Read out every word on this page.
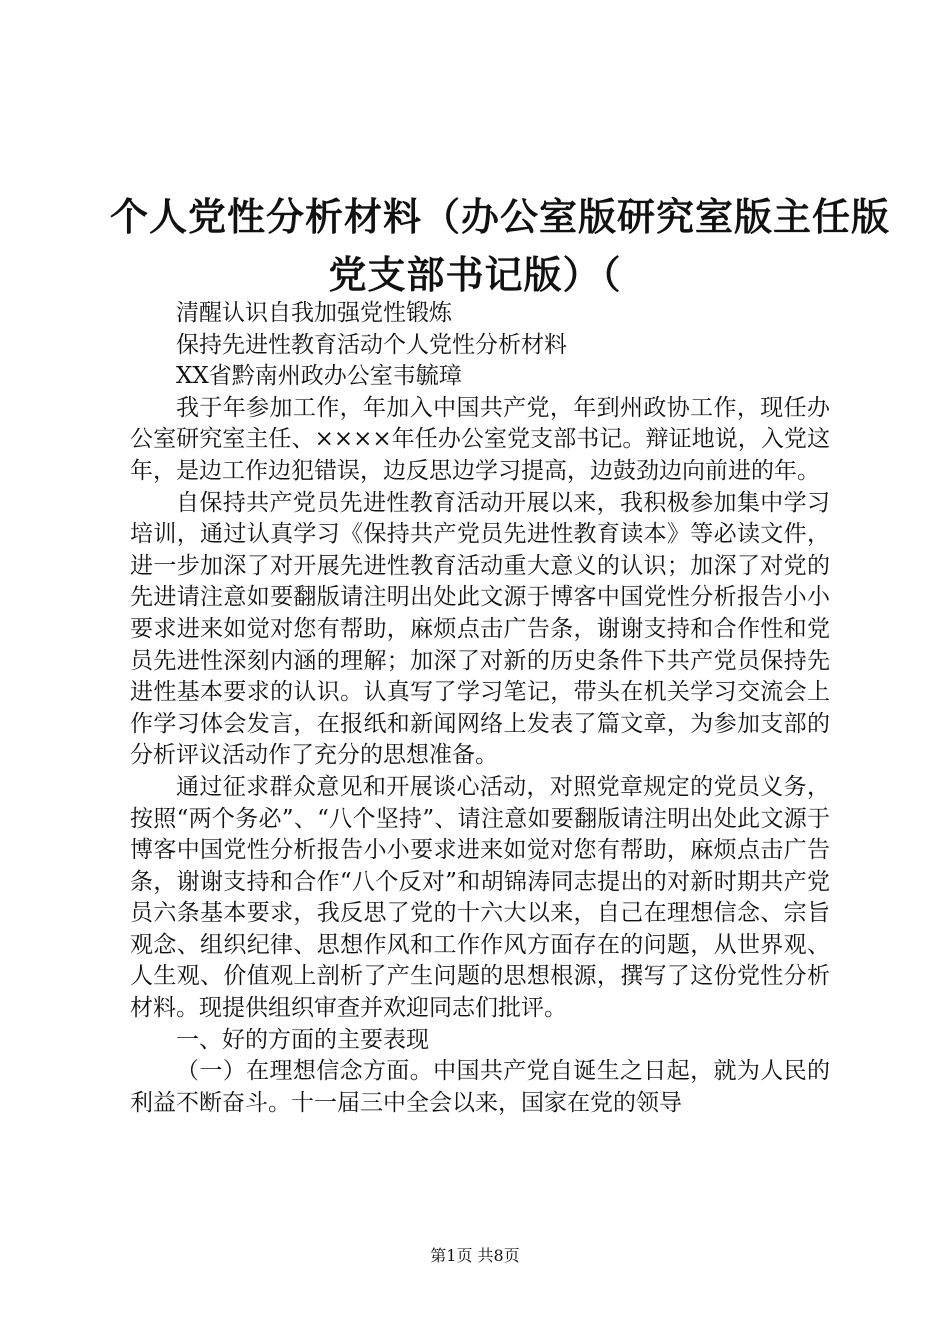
个人党性分析材料（办公室版研究室版主任版
党支部书记版）（

清醒认识自我加强党性锻炼

保持先进性教育活动个人党性分析材料

XX省黔南州政办公室韦毓璋

我于年参加工作，年加入中国共产党，年到州政协工作，现任办公室研究室主任、××××年任办公室党支部书记。辩证地说，入党这年，是边工作边犯错误，边反思边学习提高，边鼓劲边向前进的年。

自保持共产党员先进性教育活动开展以来，我积极参加集中学习培训，通过认真学习《保持共产党员先进性教育读本》等必读文件，进一步加深了对开展先进性教育活动重大意义的认识；加深了对党的先进请注意如要翻版请注明出处此文源于博客中国党性分析报告小小要求进来如觉对您有帮助，麻烦点击广告条，谢谢支持和合作性和党员先进性深刻内涵的理解；加深了对新的历史条件下共产党员保持先进性基本要求的认识。认真写了学习笔记，带头在机关学习交流会上作学习体会发言，在报纸和新闻网络上发表了篇文章，为参加支部的分析评议活动作了充分的思想准备。

通过征求群众意见和开展谈心活动，对照党章规定的党员义务，按照“两个务必”、“八个坚持”、请注意如要翻版请注明出处此文源于博客中国党性分析报告小小要求进来如觉对您有帮助，麻烦点击广告条，谢谢支持和合作“八个反对”和胡锦涛同志提出的对新时期共产党员六条基本要求，我反思了党的十六大以来，自己在理想信念、宗旨观念、组织纪律、思想作风和工作作风方面存在的问题，从世界观、人生观、价值观上剖析了产生问题的思想根源，撰写了这份党性分析材料。现提供组织审查并欢迎同志们批评。

一、好的方面的主要表现

（一）在理想信念方面。中国共产党自诞生之日起，就为人民的利益不断奋斗。十一届三中全会以来，国家在党的领导

第1页 共8页
